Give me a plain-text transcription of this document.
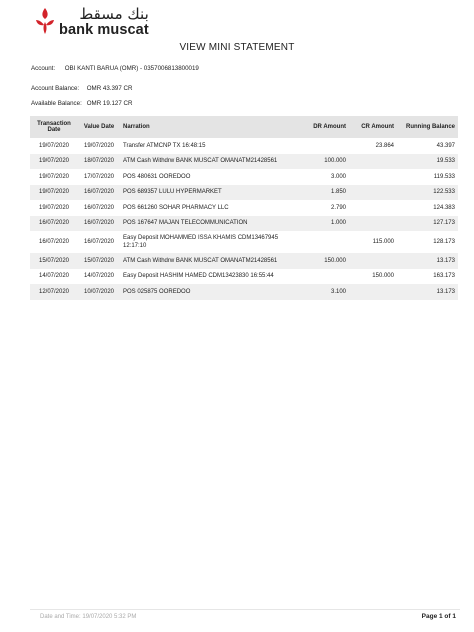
بنك مسقط
bank muscat
VIEW MINI STATEMENT
Account: OBI KANTI BARUA (OMR) - 0357006813800019
Account Balance: OMR 43.397 CR
Available Balance: OMR 19.127 CR
Transaction Date	Value Date	Narration	DR Amount	CR Amount	Running Balance
19/07/2020	19/07/2020	Transfer ATMCNP TX 16:48:15		23.864	43.397
19/07/2020	18/07/2020	ATM Cash Withdrw BANK MUSCAT OMANATM21428561	100.000		19.533
19/07/2020	17/07/2020	POS 480631 OOREDOO	3.000		119.533
19/07/2020	16/07/2020	POS 689357 LULU HYPERMARKET	1.850		122.533
19/07/2020	16/07/2020	POS 661260 SOHAR PHARMACY LLC	2.790		124.383
16/07/2020	16/07/2020	POS 167647 MAJAN TELECOMMUNICATION	1.000		127.173
16/07/2020	16/07/2020	Easy Deposit MOHAMMED ISSA KHAMIS CDM13467945 12:17:10		115.000	128.173
15/07/2020	15/07/2020	ATM Cash Withdrw BANK MUSCAT OMANATM21428561	150.000		13.173
14/07/2020	14/07/2020	Easy Deposit HASHIM HAMED CDM13423830 16:55:44		150.000	163.173
12/07/2020	10/07/2020	POS 025875 OOREDOO	3.100		13.173
Date and Time: 19/07/2020 5:32 PM	Page 1 of 1
